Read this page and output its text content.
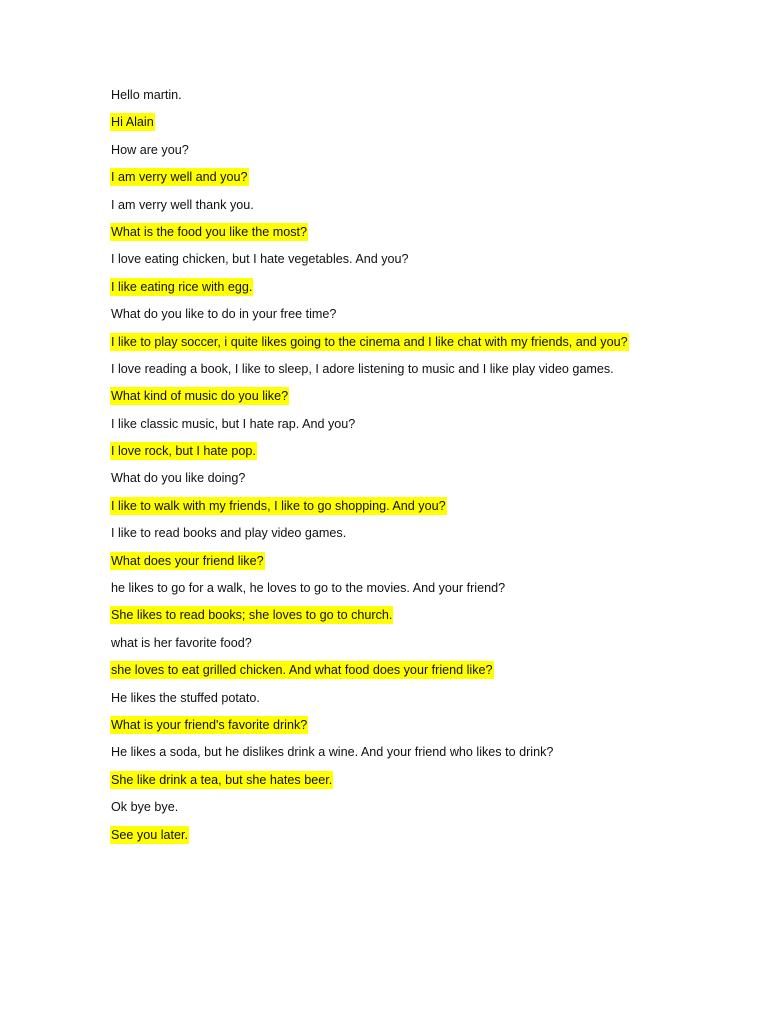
Hello martin.
Hi Alain
How are you?
I am verry well and you?
I am verry well thank you.
What is the food you like the most?
I love eating chicken, but I hate vegetables. And you?
I like eating rice with egg.
What do you like to do in your free time?
I like to play soccer, i quite likes going to the cinema and I like chat with my friends, and you?
I love reading a book, I like to sleep, I adore listening to music and I like play video games.
What kind of music do you like?
I like classic music, but I hate rap. And you?
I love rock, but I hate pop.
What do you like doing?
I like to walk with my friends, I like to go shopping. And you?
I like to read books and play video games.
What does your friend like?
he likes to go for a walk, he loves to go to the movies. And your friend?
She likes to read books; she loves to go to church.
what is her favorite food?
she loves to eat grilled chicken. And what food does your friend like?
He likes the stuffed potato.
What is your friend's favorite drink?
He likes a soda, but he dislikes drink a wine. And your friend who likes to drink?
She like drink a tea, but she hates beer.
Ok bye bye.
See you later.
